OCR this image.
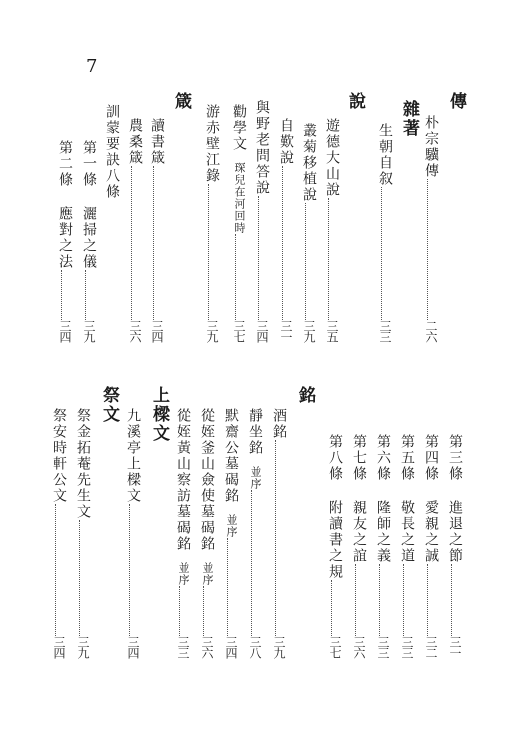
7
傳
朴宗驥傳二六
雜著
生朝自叙三三
說
遊德大山說三五
叢菊移植說三九
自歎說三一
與野老問答說三四
勸學文琛兒在河回時三七
游赤壁江錄三九
箴
讀書箴三四
農桑箴三六
訓蒙要訣八條
第一條 灑掃之儀三九
第二條 應對之法三四
第三條 進退之節三一
第四條 愛親之誠三二
第五條 敬長之道三三
第六條 隆師之義三三
第七條 親友之誼三六
第八條 附讀書之規三七
銘
酒銘三九
靜坐銘並序三八
默齋公墓碣銘並序三四
從姪釜山僉使墓碣銘並序三六
從姪黃山察訪墓碣銘並序三三
上樑文
九溪亭上樑文三四
祭文
祭金拓菴先生文三九
祭安時軒公文三四
